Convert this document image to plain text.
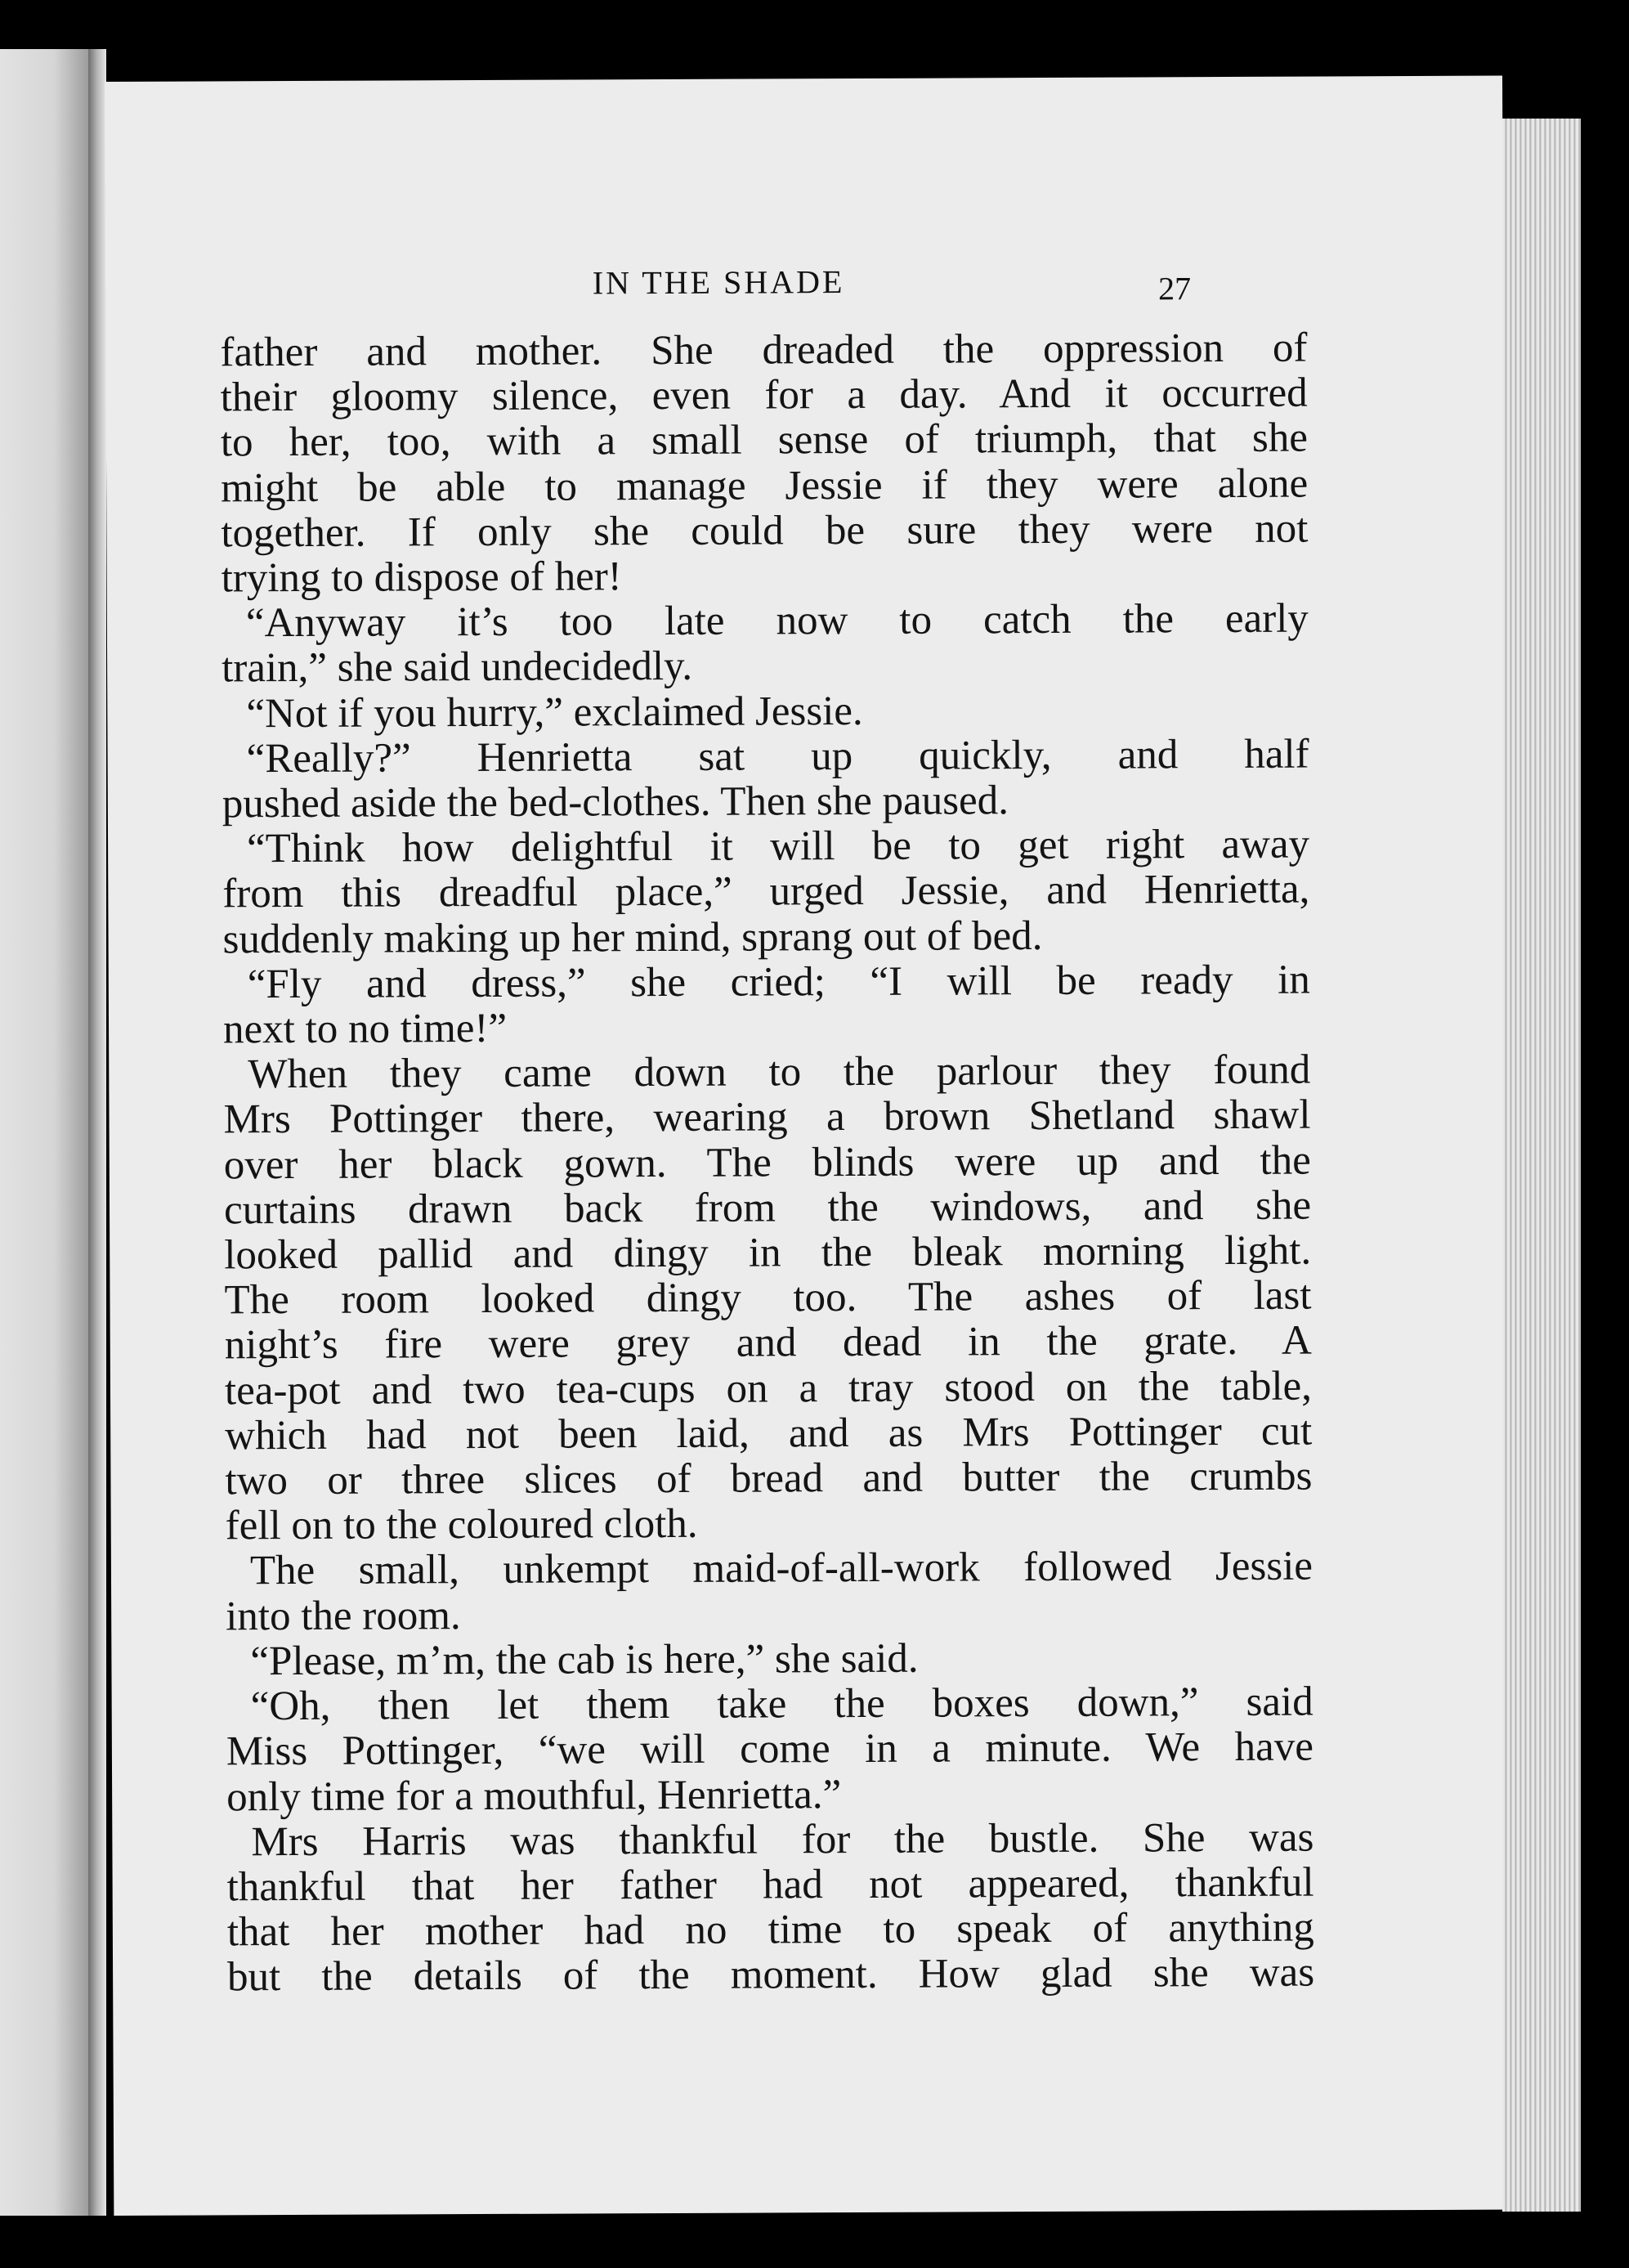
IN THE SHADE	27
father and mother. She dreaded the oppression of
their gloomy silence, even for a day. And it occurred
to her, too, with a small sense of triumph, that she
might be able to manage Jessie if they were alone
together. If only she could be sure they were not
trying to dispose of her!
“Anyway it’s too late now to catch the early
train,” she said undecidedly.
“Not if you hurry,” exclaimed Jessie.
“Really?” Henrietta sat up quickly, and half
pushed aside the bed-clothes. Then she paused.
“Think how delightful it will be to get right away
from this dreadful place,” urged Jessie, and Henrietta,
suddenly making up her mind, sprang out of bed.
“Fly and dress,” she cried; “I will be ready in
next to no time!”
When they came down to the parlour they found
Mrs Pottinger there, wearing a brown Shetland shawl
over her black gown. The blinds were up and the
curtains drawn back from the windows, and she
looked pallid and dingy in the bleak morning light.
The room looked dingy too. The ashes of last
night’s fire were grey and dead in the grate. A
tea-pot and two tea-cups on a tray stood on the table,
which had not been laid, and as Mrs Pottinger cut
two or three slices of bread and butter the crumbs
fell on to the coloured cloth.
The small, unkempt maid-of-all-work followed Jessie
into the room.
“Please, m’m, the cab is here,” she said.
“Oh, then let them take the boxes down,” said
Miss Pottinger, “we will come in a minute. We have
only time for a mouthful, Henrietta.”
Mrs Harris was thankful for the bustle. She was
thankful that her father had not appeared, thankful
that her mother had no time to speak of anything
but the details of the moment. How glad she was
